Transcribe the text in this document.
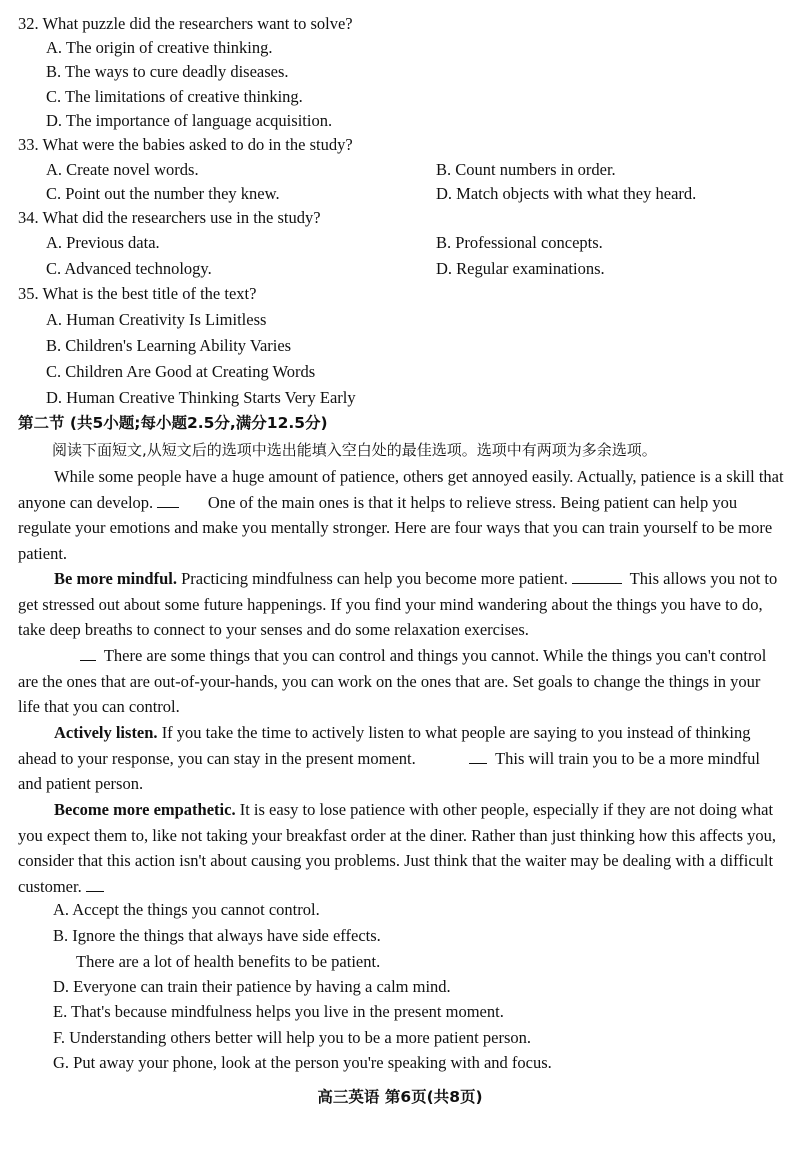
32. What puzzle did the researchers want to solve?
A. The origin of creative thinking.
B. The ways to cure deadly diseases.
C. The limitations of creative thinking.
D. The importance of language acquisition.
33. What were the babies asked to do in the study?
A. Create novel words.	B. Count numbers in order.
C. Point out the number they knew.	D. Match objects with what they heard.
34. What did the researchers use in the study?
A. Previous data.	B. Professional concepts.
C. Advanced technology.	D. Regular examinations.
35. What is the best title of the text?
A. Human Creativity Is Limitless
B. Children's Learning Ability Varies
C. Children Are Good at Creating Words
D. Human Creative Thinking Starts Very Early
第二节 (共5小题;每小题2.5分,满分12.5分)
阅读下面短文,从短文后的选项中选出能填入空白处的最佳选项。选项中有两项为多余选项。
While some people have a huge amount of patience, others get annoyed easily. Actually, patience is a skill that anyone can develop.	One of the main ones is that it helps to relieve stress. Being patient can help you regulate your emotions and make you mentally stronger. Here are four ways that you can train yourself to be more patient.
Be more mindful. Practicing mindfulness can help you become more patient.	This allows you not to get stressed out about some future happenings. If you find your mind wandering about the things you have to do, take deep breaths to connect to your senses and do some relaxation exercises.
There are some things that you can control and things you cannot. While the things you can't control are the ones that are out-of-your-hands, you can work on the ones that are. Set goals to change the things in your life that you can control.
Actively listen. If you take the time to actively listen to what people are saying to you instead of thinking ahead to your response, you can stay in the present moment.	This will train you to be a more mindful and patient person.
Become more empathetic. It is easy to lose patience with other people, especially if they are not doing what you expect them to, like not taking your breakfast order at the diner. Rather than just thinking how this affects you, consider that this action isn't about causing you problems. Just think that the waiter may be dealing with a difficult customer.
A. Accept the things you cannot control.
B. Ignore the things that always have side effects.
There are a lot of health benefits to be patient.
D. Everyone can train their patience by having a calm mind.
E. That's because mindfulness helps you live in the present moment.
F. Understanding others better will help you to be a more patient person.
G. Put away your phone, look at the person you're speaking with and focus.
高三英语 第6页(共8页)
